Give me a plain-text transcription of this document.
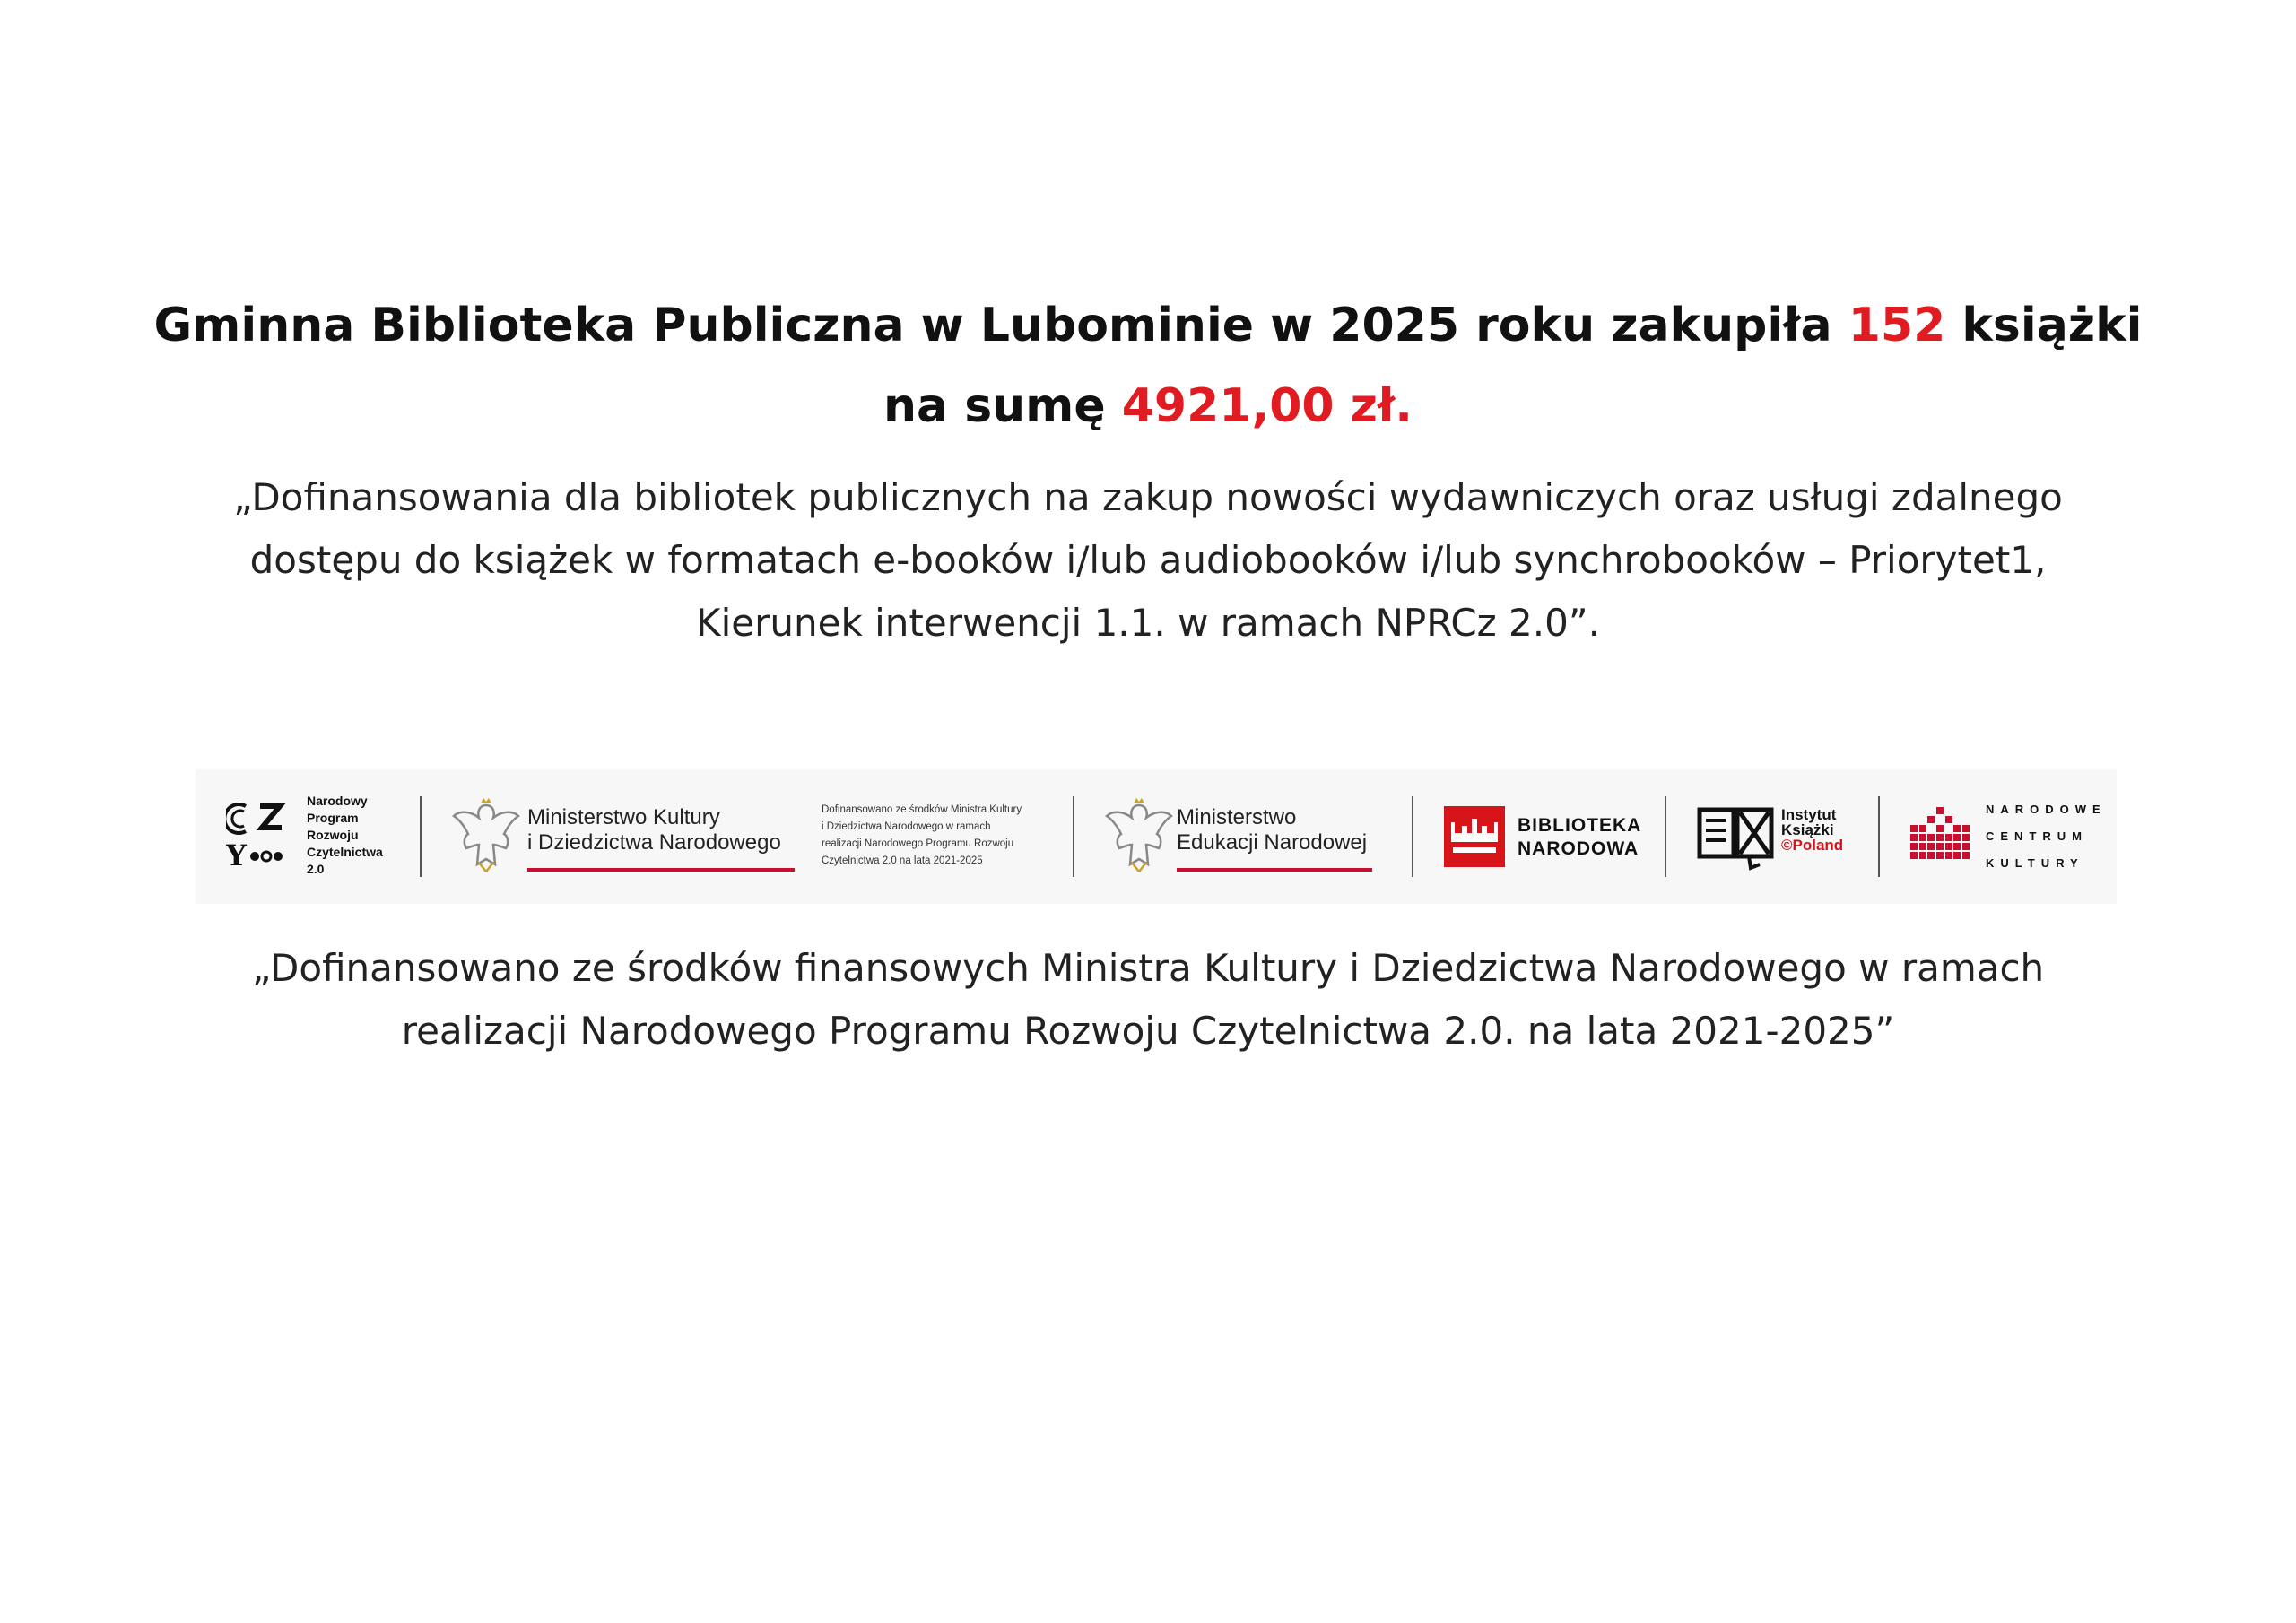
Gminna Biblioteka Publiczna w Lubominie w 2025 roku zakupiła 152 książki
na sumę 4921,00 zł.
„Dofinansowania dla bibliotek publicznych na zakup nowości wydawniczych oraz usługi zdalnego
dostępu do książek w formatach e-booków i/lub audiobooków i/lub synchrobooków – Priorytet1,
Kierunek interwencji 1.1. w ramach NPRCz 2.0”.
Y
Narodowy
Program
Rozwoju
Czytelnictwa
2.0
Ministerstwo Kultury
i Dziedzictwa Narodowego
Dofinansowano ze środków Ministra Kultury
i Dziedzictwa Narodowego w ramach
realizacji Narodowego Programu Rozwoju
Czytelnictwa 2.0 na lata 2021-2025
Ministerstwo
Edukacji Narodowej
BIBLIOTEKA
NARODOWA
Instytut
Książki
©Poland
NARODOWE
CENTRUM
KULTURY
„Dofinansowano ze środków finansowych Ministra Kultury i Dziedzictwa Narodowego w ramach
realizacji Narodowego Programu Rozwoju Czytelnictwa 2.0. na lata 2021-2025”
